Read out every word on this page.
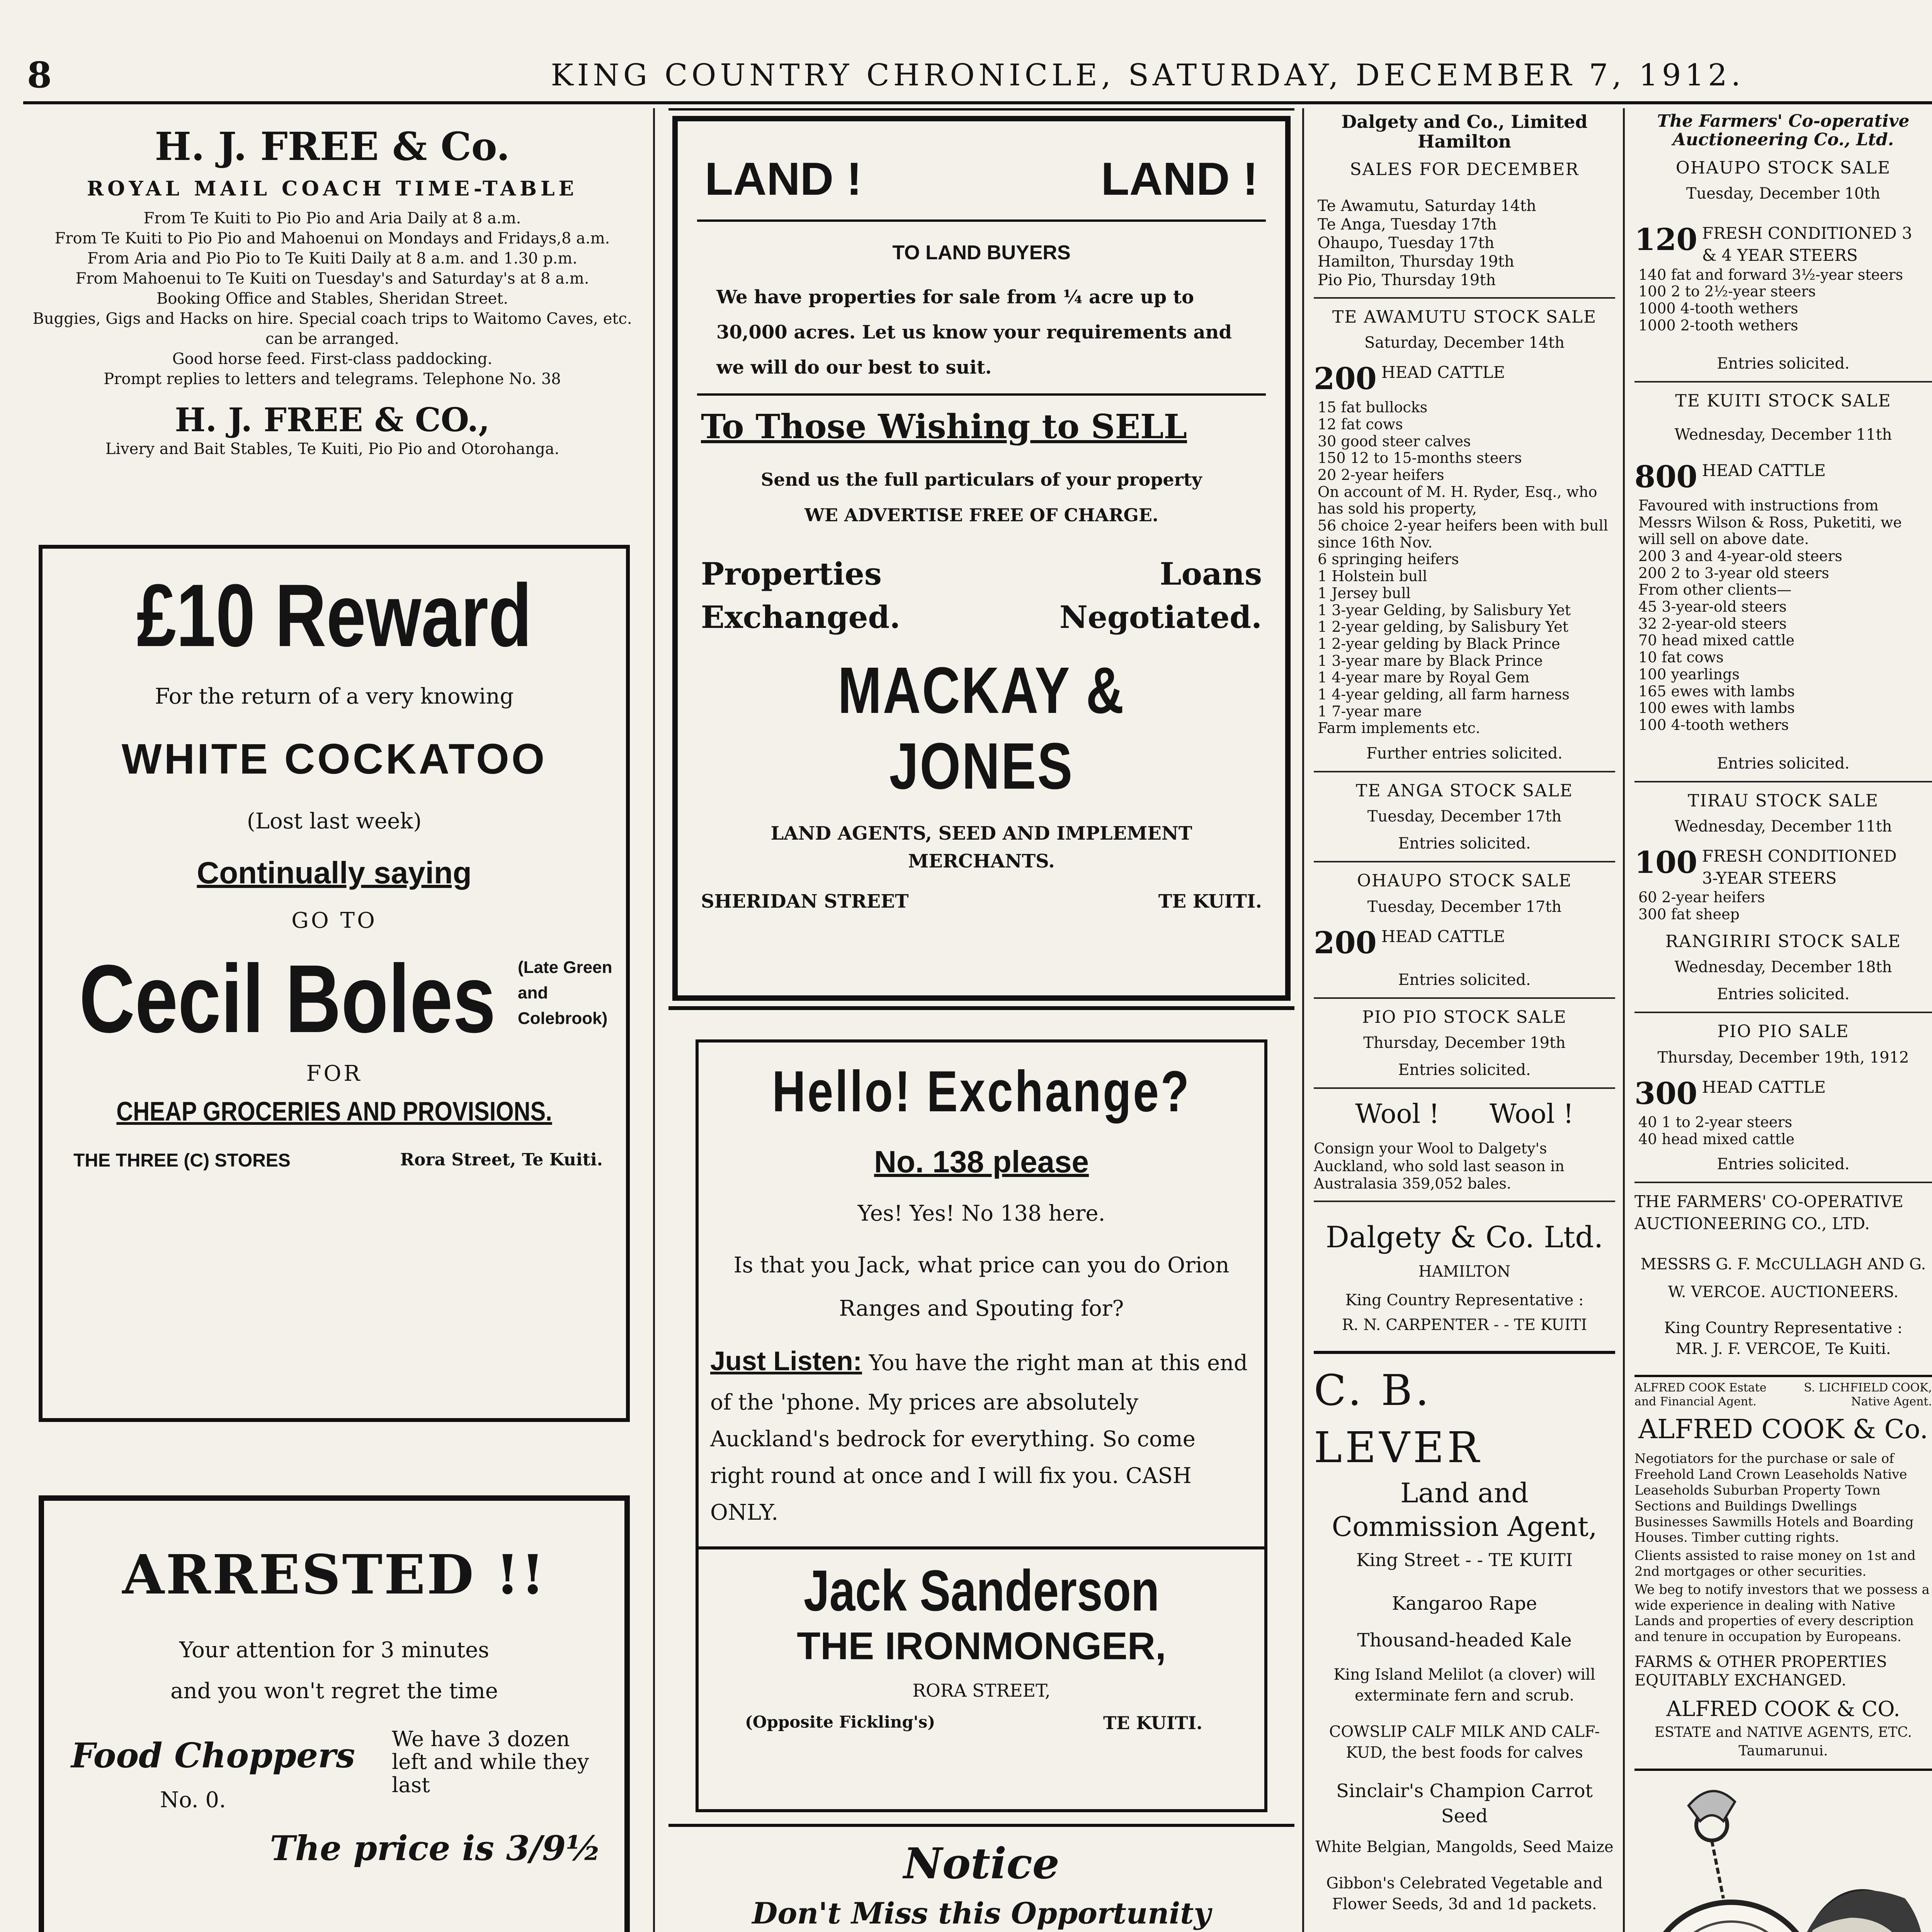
8	KING COUNTRY CHRONICLE, SATURDAY, DECEMBER 7, 1912.
H. J. FREE & Co.
ROYAL MAIL COACH TIME-TABLE
From Te Kuiti to Pio Pio and Aria Daily at 8 a.m.
From Te Kuiti to Pio Pio and Mahoenui on Mondays and Fridays,8 a.m.
From Aria and Pio Pio to Te Kuiti Daily at 8 a.m. and 1.30 p.m.
From Mahoenui to Te Kuiti on Tuesday's and Saturday's at 8 a.m.
Booking Office and Stables, Sheridan Street.
Buggies, Gigs and Hacks on hire. Special coach trips to Waitomo Caves, etc. can be arranged.
Good horse feed. First-class paddocking.
Prompt replies to letters and telegrams. Telephone No. 38
H. J. FREE & CO.,
Livery and Bait Stables, Te Kuiti, Pio Pio and Otorohanga.
£10 Reward
For the return of a very knowing
WHITE COCKATOO
(Lost last week)
Continually saying
GO TO
Cecil Boles (Late Green and Colebrook)
FOR
CHEAP GROCERIES AND PROVISIONS.
THE THREE (C) STORES	Rora Street, Te Kuiti.
ARRESTED !!
Your attention for 3 minutes
and you won't regret the time
Food Choppers We have 3 dozen left and while they last
No. 0.
The price is 3/9½
LAND !	LAND !
TO LAND BUYERS
We have properties for sale from ¼ acre up to 30,000 acres. Let us know your requirements and we will do our best to suit.
To Those Wishing to SELL
Send us the full particulars of your property
WE ADVERTISE FREE OF CHARGE.
Properties
Exchanged.
Loans
Negotiated.
MACKAY & JONES
LAND AGENTS, SEED AND IMPLEMENT MERCHANTS.
SHERIDAN STREET	TE KUITI.
Hello! Exchange?
No. 138 please
Yes! Yes! No 138 here.
Is that you Jack, what price can you do Orion Ranges and Spouting for?
Just Listen: You have the right man at this end of the 'phone. My prices are absolutely Auckland's bedrock for everything. So come right round at once and I will fix you. CASH ONLY.
Jack Sanderson
THE IRONMONGER,
RORA STREET,
(Opposite Fickling's)	TE KUITI.
Notice
Don't Miss this Opportunity
Dalgety and Co., Limited Hamilton
SALES FOR DECEMBER
Te Awamutu, Saturday 14th
Te Anga, Tuesday 17th
Ohaupo, Tuesday 17th
Hamilton, Thursday 19th
Pio Pio, Thursday 19th
TE AWAMUTU STOCK SALE
Saturday, December 14th
200 HEAD CATTLE
15 fat bullocks
12 fat cows
30 good steer calves
150 12 to 15-months steers
20 2-year heifers
On account of M. H. Ryder, Esq., who has sold his property,
56 choice 2-year heifers been with bull since 16th Nov.
6 springing heifers
1 Holstein bull
1 Jersey bull
1 3-year Gelding, by Salisbury Yet
1 2-year gelding, by Salisbury Yet
1 2-year gelding by Black Prince
1 3-year mare by Black Prince
1 4-year mare by Royal Gem
1 4-year gelding, all farm harness
1 7-year mare
Farm implements etc.
Further entries solicited.
TE ANGA STOCK SALE
Tuesday, December 17th
Entries solicited.
OHAUPO STOCK SALE
Tuesday, December 17th
200 HEAD CATTLE
Entries solicited.
PIO PIO STOCK SALE
Thursday, December 19th
Entries solicited.
Wool !      Wool !
Consign your Wool to Dalgety's Auckland, who sold last season in Australasia 359,052 bales.
Dalgety & Co. Ltd.
HAMILTON
King Country Representative :
R. N. CARPENTER - - TE KUITI
C. B. LEVER
Land and Commission Agent,
King Street - - TE KUITI
Kangaroo Rape
Thousand-headed Kale
King Island Melilot (a clover) will exterminate fern and scrub.
COWSLIP CALF MILK AND CALF-KUD, the best foods for calves
Sinclair's Champion Carrot Seed
White Belgian, Mangolds, Seed Maize
Gibbon's Celebrated Vegetable and Flower Seeds, 3d and 1d packets.
The Farmers' Co-operative Auctioneering Co., Ltd.
OHAUPO STOCK SALE
Tuesday, December 10th
120 FRESH CONDITIONED 3 & 4 YEAR STEERS
140 fat and forward 3½-year steers
100 2 to 2½-year steers
1000 4-tooth wethers
1000 2-tooth wethers
Entries solicited.
TE KUITI STOCK SALE
Wednesday, December 11th
800 HEAD CATTLE
Favoured with instructions from Messrs Wilson & Ross, Puketiti, we will sell on above date.
200 3 and 4-year-old steers
200 2 to 3-year old steers
From other clients—
45 3-year-old steers
32 2-year-old steers
70 head mixed cattle
10 fat cows
100 yearlings
165 ewes with lambs
100 ewes with lambs
100 4-tooth wethers
Entries solicited.
TIRAU STOCK SALE
Wednesday, December 11th
100 FRESH CONDITIONED 3-YEAR STEERS
60 2-year heifers
300 fat sheep
RANGIRIRI STOCK SALE
Wednesday, December 18th
Entries solicited.
PIO PIO SALE
Thursday, December 19th, 1912
300 HEAD CATTLE
40 1 to 2-year steers
40 head mixed cattle
Entries solicited.
THE FARMERS' CO-OPERATIVE AUCTIONEERING CO., LTD.
MESSRS G. F. McCULLAGH AND G. W. VERCOE. AUCTIONEERS.
King Country Representative :
MR. J. F. VERCOE, Te Kuiti.
ALFRED COOK Estate and Financial Agent.
S. LICHFIELD COOK, Native Agent.
ALFRED COOK & Co.
Negotiators for the purchase or sale of Freehold Land Crown Leaseholds Native Leaseholds Suburban Property Town Sections and Buildings Dwellings Businesses Sawmills Hotels and Boarding Houses. Timber cutting rights.
Clients assisted to raise money on 1st and 2nd mortgages or other securities.
We beg to notify investors that we possess a wide experience in dealing with Native Lands and properties of every description and tenure in occupation by Europeans.
FARMS & OTHER PROPERTIES EQUITABLY EXCHANGED.
ALFRED COOK & CO.
ESTATE and NATIVE AGENTS, ETC.
Taumarunui.
